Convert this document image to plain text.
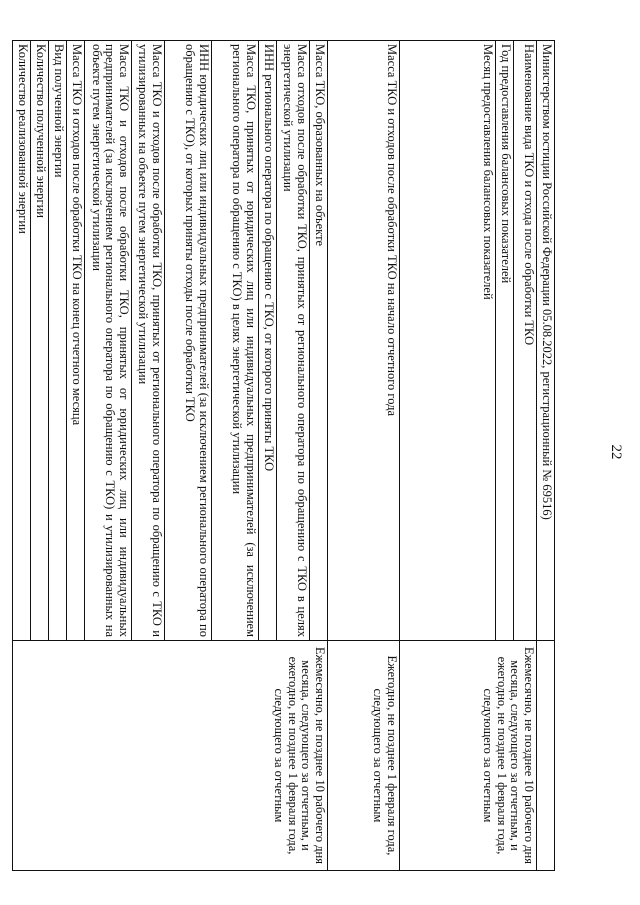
22
Министерством юстиции Российской Федерации 05.08.2022, регистрационный № 69516)	
Наименование вида ТКО и отхода после обработки ТКО	Ежемесячно, не позднее 10 рабочего дня месяца, следующего за отчетным, и ежегодно, не позднее 1 февраля года, следующего за отчетным
Год предоставления балансовых показателей	
Месяц предоставления балансовых показателей	
Масса ТКО и отходов после обработки ТКО на начало отчетного года	Ежегодно, не позднее 1 февраля года, следующего за отчетным
Масса ТКО, образованных на объекте	Ежемесячно, не позднее 10 рабочего дня месяца, следующего за отчетным, и ежегодно, не позднее 1 февраля года, следующего за отчетным
Масса отходов после обработки ТКО, принятых от регионального оператора по обращению с ТКО в целях энергетической утилизации	
ИНН регионального оператора по обращению с ТКО, от которого приняты ТКО	
Масса ТКО, принятых от юридических лиц или индивидуальных предпринимателей (за исключением регионального оператора по обращению с ТКО) в целях энергетической утилизации	
ИНН юридических лиц или индивидуальных предпринимателей (за исключением регионального оператора по обращению с ТКО), от которых приняты отходы после обработки ТКО	
Масса ТКО и отходов после обработки ТКО, принятых от регионального оператора по обращению с ТКО и утилизированных на объекте путем энергетической утилизации	
Масса ТКО и отходов после обработки ТКО, принятых от юридических лиц или индивидуальных предпринимателей (за исключением регионального оператора по обращению с ТКО) и утилизированных на объекте путем энергетической утилизации	
Масса ТКО и отходов после обработки ТКО на конец отчетного месяца	
Вид полученной энергии	
Количество полученной энергии	
Количество реализованной энергии	
